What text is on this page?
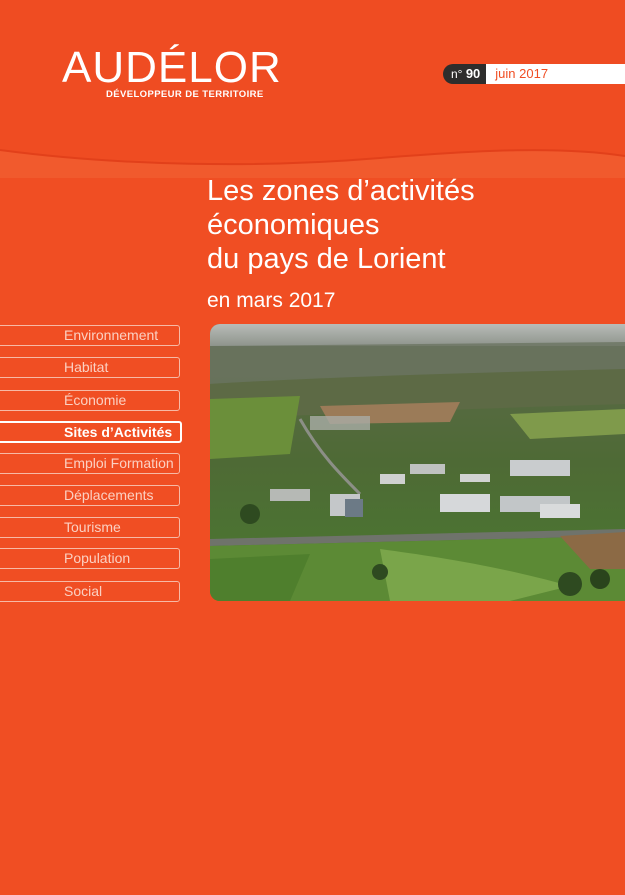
AUDÉLOR
DÉVELOPPEUR DE TERRITOIRE
n° 90	juin 2017
Les zones d’activités
économiques
du pays de Lorient
en mars 2017
Environnement
Habitat
Économie
Sites d’Activités
Emploi Formation
Déplacements
Tourisme
Population
Social
